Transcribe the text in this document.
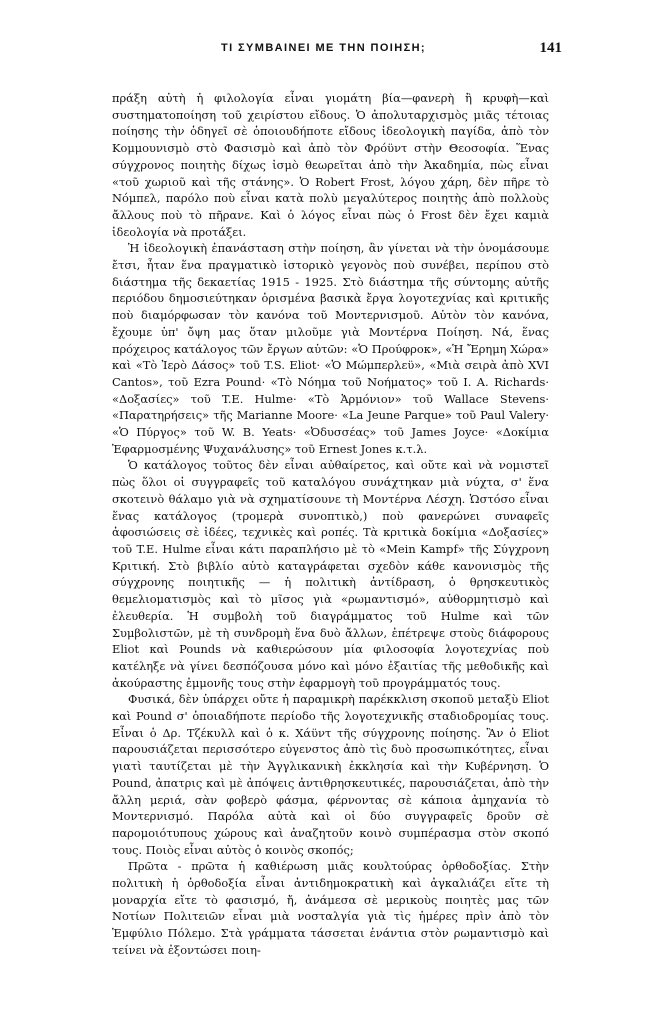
ΤΙ ΣΥΜΒΑΙΝΕΙ ΜΕ ΤΗΝ ΠΟΙΗΣΗ;	141

πράξη αὐτὴ ἡ φιλολογία εἶναι γιομάτη βία—φανερὴ ἢ κρυφὴ—καὶ συστηματοποίηση τοῦ χειρίστου εἴδους. Ὁ ἀπολυταρχισμὸς μιᾶς τέτοιας ποίησης τὴν ὁδηγεῖ σὲ ὁποιουδήποτε εἴδους ἰδεολογικὴ παγίδα, ἀπὸ τὸν Κομμουνισμὸ στὸ Φασισμὸ καὶ ἀπὸ τὸν Φρόϋντ στὴν Θεοσοφία. Ἕνας σύγχρονος ποιητὴς δίχως ἰσμὸ θεωρεῖται ἀπὸ τὴν Ἀκαδημία, πὼς εἶναι «τοῦ χωριοῦ καὶ τῆς στάνης». Ὁ Robert Frost, λόγου χάρη, δὲν πῆρε τὸ Νόμπελ, παρόλο ποὺ εἶναι κατὰ πολὺ μεγαλύτερος ποιητὴς ἀπὸ πολλοὺς ἄλλους ποὺ τὸ πῆρανε. Καὶ ὁ λόγος εἶναι πὼς ὁ Frost δὲν ἔχει καμιὰ ἰδεολογία νὰ προτάξει.

Ἡ ἰδεολογικὴ ἐπανάσταση στὴν ποίηση, ἂν γίνεται νὰ τὴν ὀνομάσουμε ἔτσι, ἦταν ἕνα πραγματικὸ ἱστορικὸ γεγονὸς ποὺ συνέβει, περίπου στὸ διάστημα τῆς δεκαετίας 1915 - 1925. Στὸ διάστημα τῆς σύντομης αὐτῆς περιόδου δημοσιεύτηκαν ὁρισμένα βασικὰ ἔργα λογοτεχνίας καὶ κριτικῆς ποὺ διαμόρφωσαν τὸν κανόνα τοῦ Μοντερνισμοῦ. Αὐτὸν τὸν κανόνα, ἔχουμε ὑπ' ὄψη μας ὅταν μιλοῦμε γιὰ Μοντέρνα Ποίηση. Νά, ἕνας πρόχειρος κατάλογος τῶν ἔργων αὐτῶν: «Ὁ Προύφροκ», «Ἡ Ἔρημη Χώρα» καὶ «Τὸ Ἱερὸ Δάσος» τοῦ T.S. Eliot· «Ὁ Μώμπερλεϋ», «Μιὰ σειρὰ ἀπὸ XVI Cantos», τοῦ Ezra Pound· «Τὸ Νόημα τοῦ Νοήματος» τοῦ I. A. Richards· «Δοξασίες» τοῦ T.E. Hulme· «Τὸ Ἁρμόνιον» τοῦ Wallace Stevens· «Παρατηρήσεις» τῆς Marianne Moore· «La Jeune Parque» τοῦ Paul Valery· «Ὁ Πύργος» τοῦ W. B. Yeats· «Ὀδυσσέας» τοῦ James Joyce· «Δοκίμια Ἐφαρμοσμένης Ψυχανάλυσης» τοῦ Ernest Jones κ.τ.λ.

Ὁ κατάλογος τοῦτος δὲν εἶναι αὐθαίρετος, καὶ οὔτε καὶ νὰ νομιστεῖ πὼς ὅλοι οἱ συγγραφεῖς τοῦ καταλόγου συνάχτηκαν μιὰ νύχτα, σ' ἕνα σκοτεινὸ θάλαμο γιὰ νὰ σχηματίσουνε τὴ Μοντέρνα Λέσχη. Ὡστόσο εἶναι ἕνας κατάλογος (τρομερὰ συνοπτικὸ,) ποὺ φανερώνει συναφεῖς ἀφοσιώσεις σὲ ἰδέες, τεχνικὲς καὶ ροπές. Τὰ κριτικὰ δοκίμια «Δοξασίες» τοῦ T.E. Hulme εἶναι κάτι παραπλήσιο μὲ τὸ «Mein Kampf» τῆς Σύγχρονη Κριτική. Στὸ βιβλίο αὐτὸ καταγράφεται σχεδὸν κάθε κανονισμὸς τῆς σύγχρονης ποιητικῆς — ἡ πολιτικὴ ἀντίδραση, ὁ θρησκευτικὸς θεμελιοματισμὸς καὶ τὸ μῖσος γιὰ «ρωμαντισμό», αὐθορμητισμὸ καὶ ἐλευθερία. Ἡ συμβολὴ τοῦ διαγράμματος τοῦ Hulme καὶ τῶν Συμβολιστῶν, μὲ τὴ συνδρομὴ ἕνα δυὸ ἄλλων, ἐπέτρεψε στοὺς διάφορους Eliot καὶ Pounds νὰ καθιερώσουν μία φιλοσοφία λογοτεχνίας ποὺ κατέληξε νὰ γίνει δεσπόζουσα μόνο καὶ μόνο ἐξαιτίας τῆς μεθοδικῆς καὶ ἀκούραστης ἐμμονῆς τους στὴν ἐφαρμογὴ τοῦ προγράμματός τους.

Φυσικά, δὲν ὑπάρχει οὔτε ἡ παραμικρὴ παρέκκλιση σκοποῦ μεταξὺ Eliot καὶ Pound σ' ὁποιαδήποτε περίοδο τῆς λογοτεχνικῆς σταδιοδρομίας τους. Εἶναι ὁ Δρ. Τζέκυλλ καὶ ὁ κ. Χάϋντ τῆς σύγχρονης ποίησης. Ἂν ὁ Eliot παρουσιάζεται περισσότερο εὐγενστος ἀπὸ τὶς δυὸ προσωπικότητες, εἶναι γιατὶ ταυτίζεται μὲ τὴν Ἀγγλικανικὴ ἐκκλησία καὶ τὴν Κυβέρνηση. Ὁ Pound, ἀπατρις καὶ μὲ ἀπόψεις ἀντιθρησκευτικές, παρουσιάζεται, ἀπὸ τὴν ἄλλη μεριά, σὰν φοβερὸ φάσμα, φέρνοντας σὲ κάποια ἀμηχανία τὸ Μοντερνισμό. Παρόλα αὐτὰ καὶ οἱ δύο συγγραφεῖς δροῦν σὲ παρομοιότυπους χώρους καὶ ἀναζητοῦν κοινὸ συμπέρασμα στὸν σκοπό τους. Ποιὸς εἶναι αὐτὸς ὁ κοινὸς σκοπός;

Πρῶτα - πρῶτα ἡ καθιέρωση μιᾶς κουλτούρας ὀρθοδοξίας. Στὴν πολιτικὴ ἡ ὀρθοδοξία εἶναι ἀντιδημοκρατικὴ καὶ ἀγκαλιάζει εἴτε τὴ μοναρχία εἴτε τὸ φασισμό, ἤ, ἀνάμεσα σὲ μερικοὺς ποιητὲς μας τῶν Νοτίων Πολιτειῶν εἶναι μιὰ νοσταλγία γιὰ τὶς ἡμέρες πρὶν ἀπὸ τὸν Ἐμφύλιο Πόλεμο. Στὰ γράμματα τάσσεται ἐνάντια στὸν ρωμαντισμὸ καὶ τείνει νὰ ἐξοντώσει ποιη-
